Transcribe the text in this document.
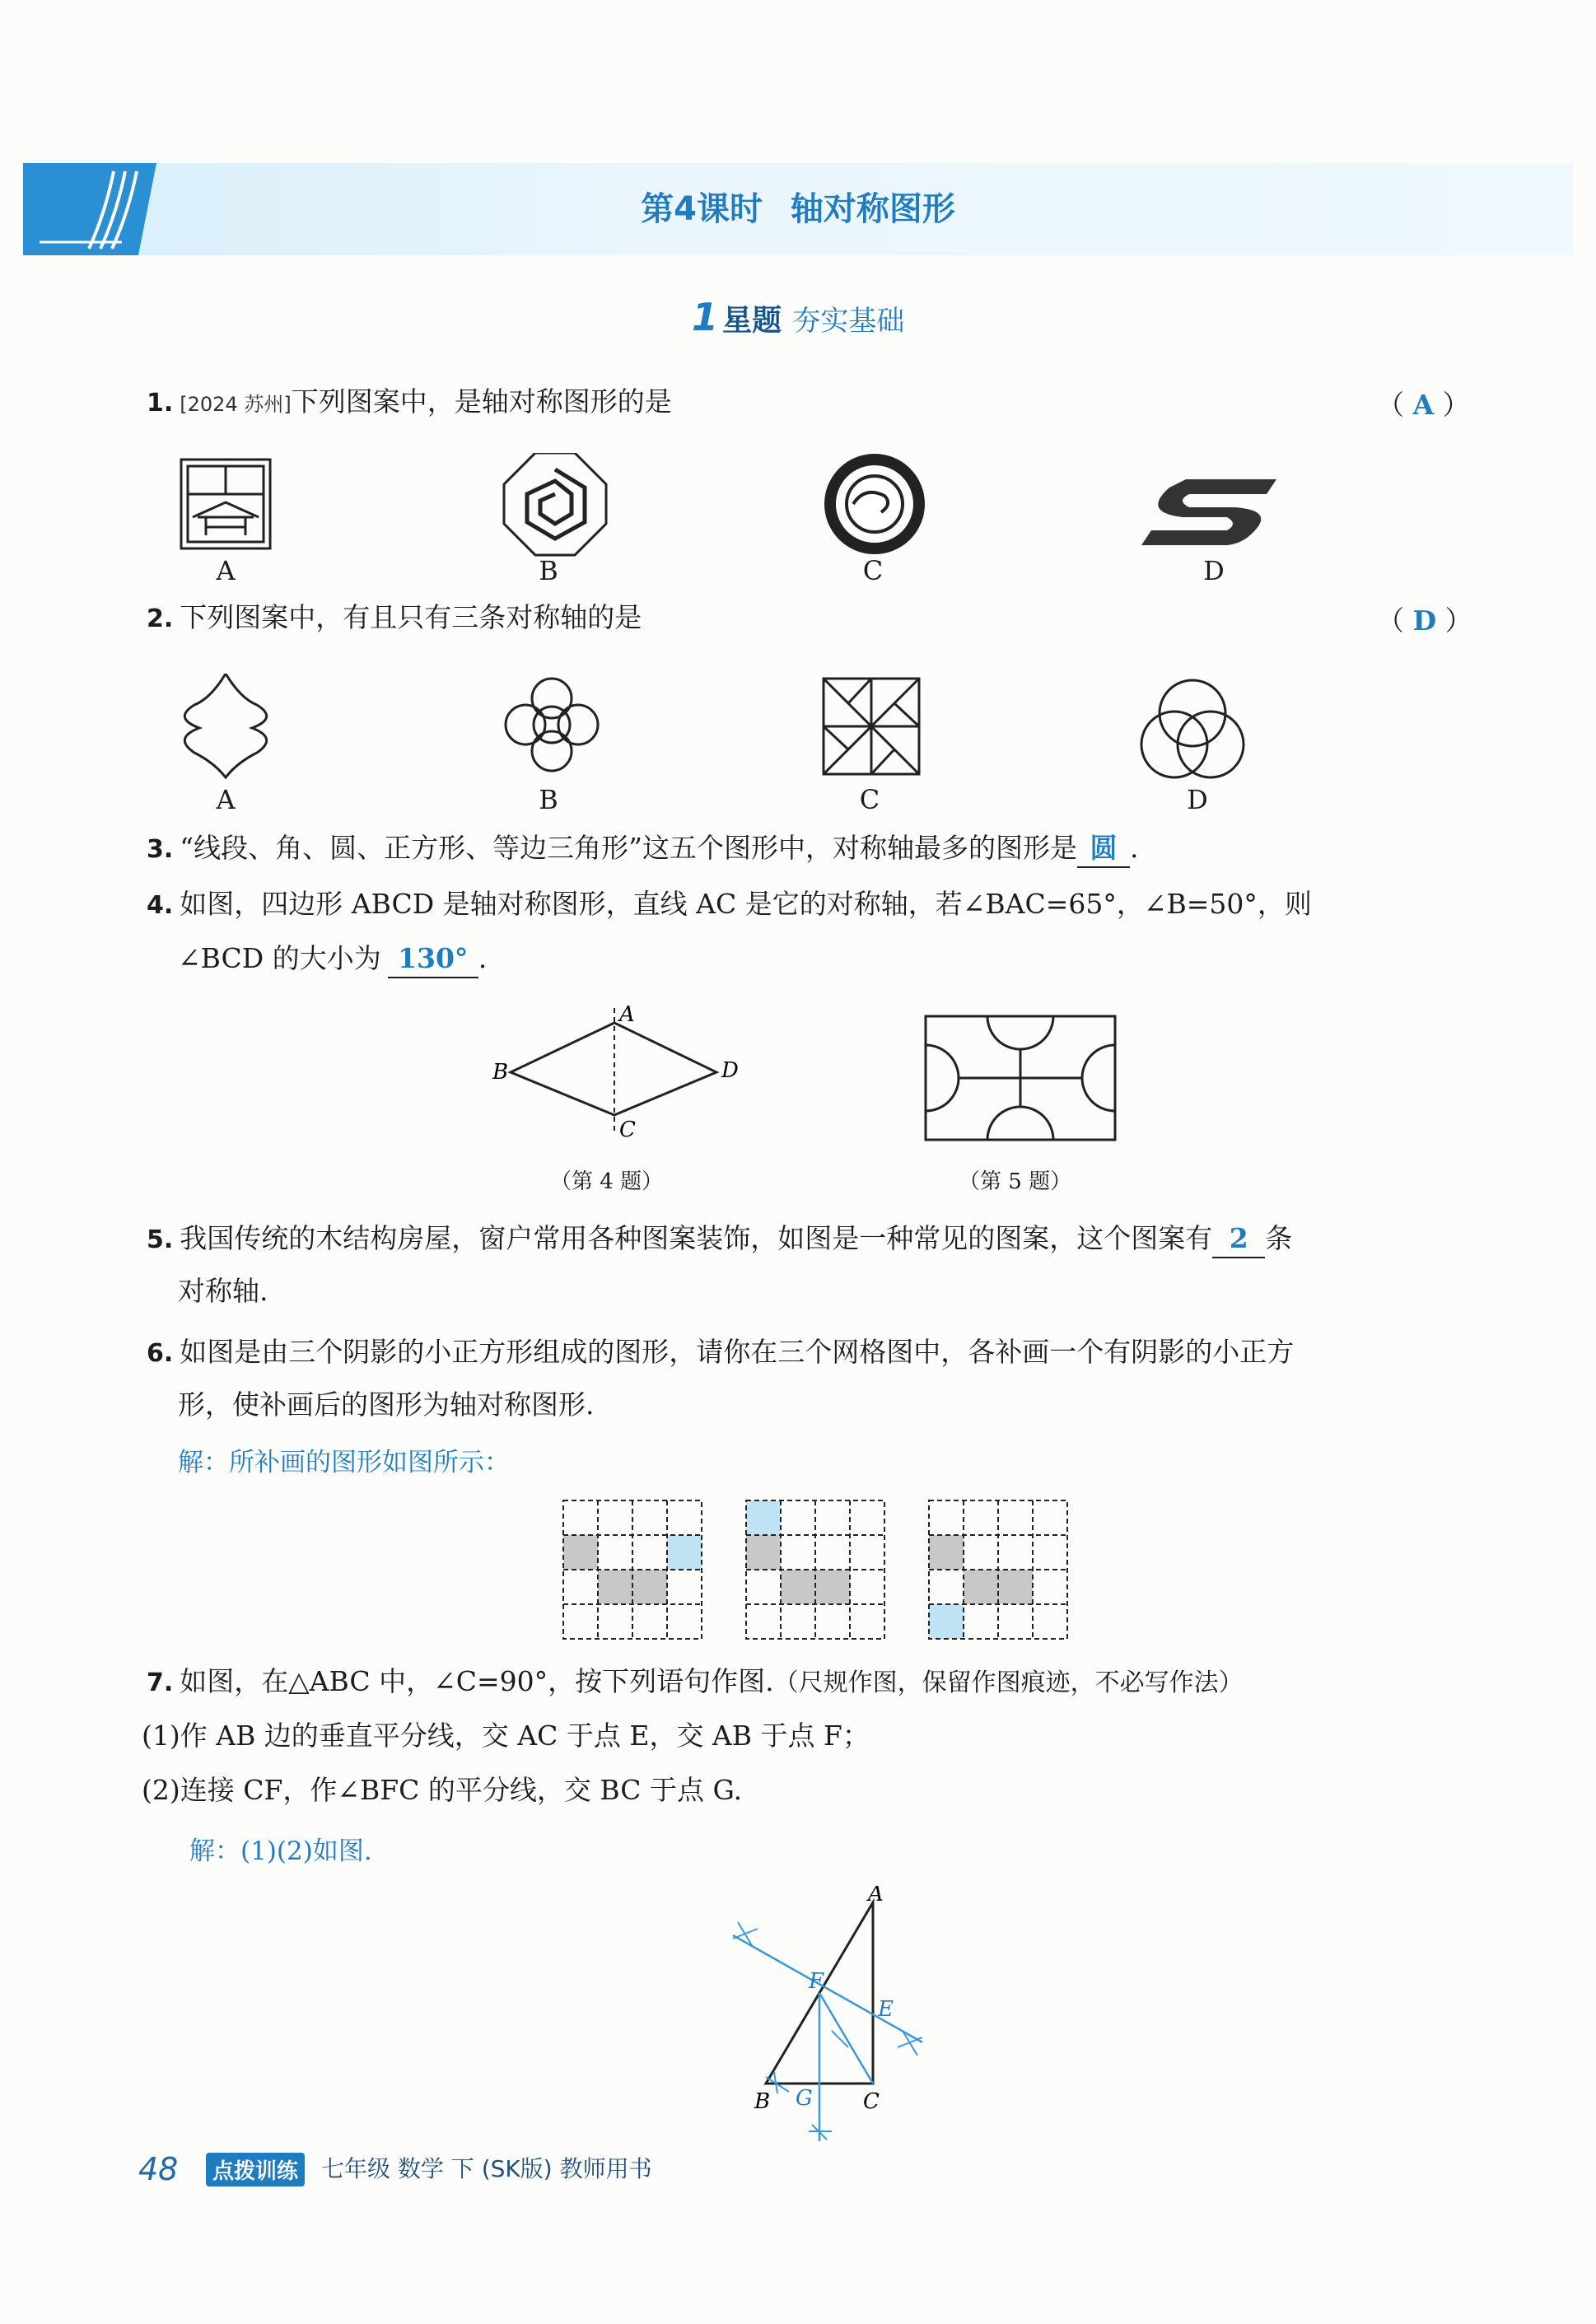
第4课时 轴对称图形
1 星题 夯实基础
1. [2024 苏州]下列图案中，是轴对称图形的是	（ A ）
A	B	C	D
2. 下列图案中，有且只有三条对称轴的是	（ D ）
A	B	C	D
3. “线段、角、圆、正方形、等边三角形”这五个图形中，对称轴最多的图形是 圆 .
4. 如图，四边形 ABCD 是轴对称图形，直线 AC 是它的对称轴，若∠BAC=65°，∠B=50°，则
∠BCD 的大小为 130° .
A
B
C
D
（第 4 题）	（第 5 题）
5. 我国传统的木结构房屋，窗户常用各种图案装饰，如图是一种常见的图案，这个图案有 2 条
对称轴.
6. 如图是由三个阴影的小正方形组成的图形，请你在三个网格图中，各补画一个有阴影的小正方
形，使补画后的图形为轴对称图形.
解：所补画的图形如图所示：
7. 如图，在△ABC 中，∠C=90°，按下列语句作图.（尺规作图，保留作图痕迹，不必写作法）
(1)作 AB 边的垂直平分线，交 AC 于点 E，交 AB 于点 F；
(2)连接 CF，作∠BFC 的平分线，交 BC 于点 G.
解：(1)(2)如图.
A
B	C
E
F
G
48	点拨训练 七年级 数学 下 (SK版) 教师用书
